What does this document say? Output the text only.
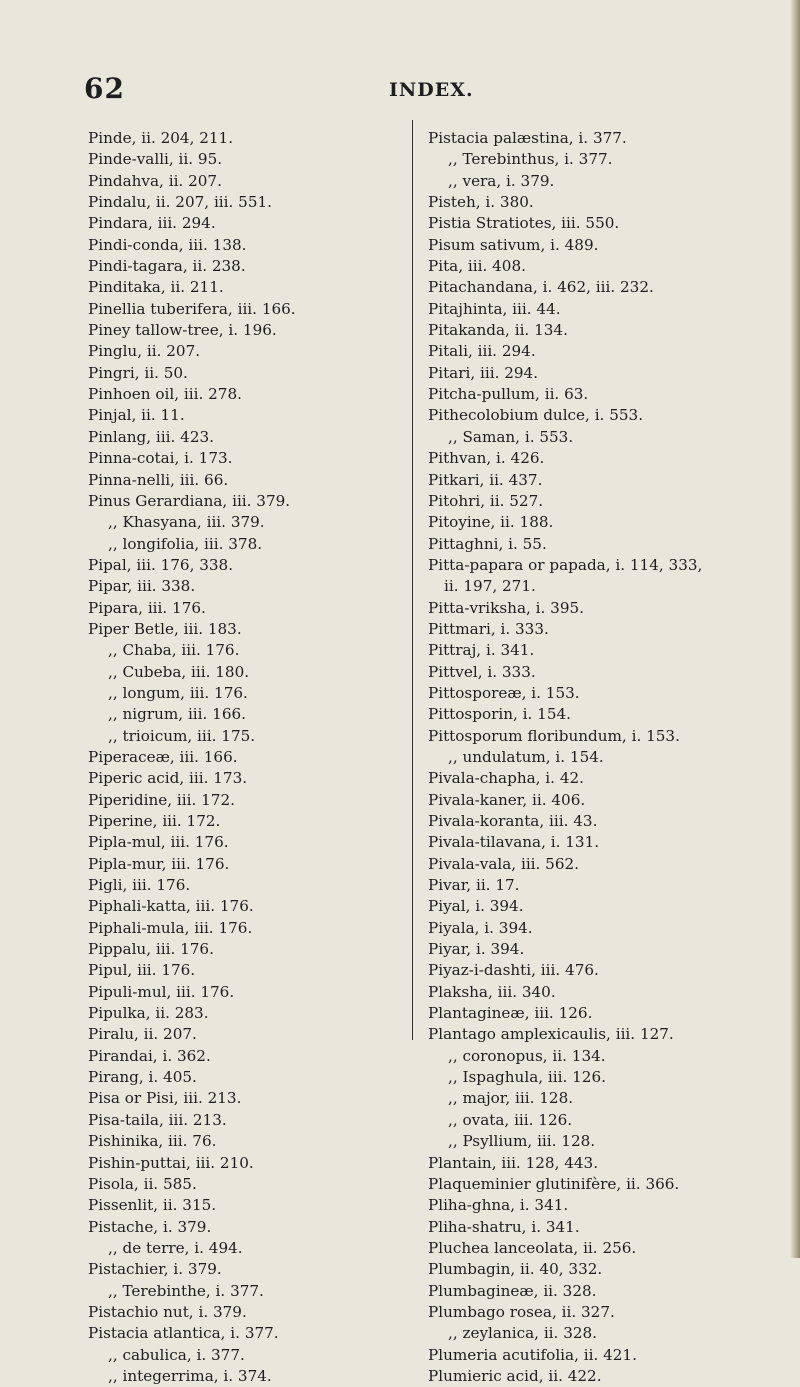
62	INDEX.
Pinde, ii. 204, 211.
Pinde-valli, ii. 95.
Pindahva, ii. 207.
Pindalu, ii. 207, iii. 551.
Pindara, iii. 294.
Pindi-conda, iii. 138.
Pindi-tagara, ii. 238.
Pinditaka, ii. 211.
Pinellia tuberifera, iii. 166.
Piney tallow-tree, i. 196.
Pinglu, ii. 207.
Pingri, ii. 50.
Pinhoen oil, iii. 278.
Pinjal, ii. 11.
Pinlang, iii. 423.
Pinna-cotai, i. 173.
Pinna-nelli, iii. 66.
Pinus Gerardiana, iii. 379.
,, Khasyana, iii. 379.
,, longifolia, iii. 378.
Pipal, iii. 176, 338.
Pipar, iii. 338.
Pipara, iii. 176.
Piper Betle, iii. 183.
,, Chaba, iii. 176.
,, Cubeba, iii. 180.
,, longum, iii. 176.
,, nigrum, iii. 166.
,, trioicum, iii. 175.
Piperaceæ, iii. 166.
Piperic acid, iii. 173.
Piperidine, iii. 172.
Piperine, iii. 172.
Pipla-mul, iii. 176.
Pipla-mur, iii. 176.
Pigli, iii. 176.
Piphali-katta, iii. 176.
Piphali-mula, iii. 176.
Pippalu, iii. 176.
Pipul, iii. 176.
Pipuli-mul, iii. 176.
Pipulka, ii. 283.
Piralu, ii. 207.
Pirandai, i. 362.
Pirang, i. 405.
Pisa or Pisi, iii. 213.
Pisa-taila, iii. 213.
Pishinika, iii. 76.
Pishin-puttai, iii. 210.
Pisola, ii. 585.
Pissenlit, ii. 315.
Pistache, i. 379.
,, de terre, i. 494.
Pistachier, i. 379.
,, Terebinthe, i. 377.
Pistachio nut, i. 379.
Pistacia atlantica, i. 377.
,, cabulica, i. 377.
,, integerrima, i. 374.
Pistacia palæstina, i. 377.
,, Terebinthus, i. 377.
,, vera, i. 379.
Pisteh, i. 380.
Pistia Stratiotes, iii. 550.
Pisum sativum, i. 489.
Pita, iii. 408.
Pitachandana, i. 462, iii. 232.
Pitajhinta, iii. 44.
Pitakanda, ii. 134.
Pitali, iii. 294.
Pitari, iii. 294.
Pitcha-pullum, ii. 63.
Pithecolobium dulce, i. 553.
,, Saman, i. 553.
Pithvan, i. 426.
Pitkari, ii. 437.
Pitohri, ii. 527.
Pitoyine, ii. 188.
Pittaghni, i. 55.
Pitta-papara or papada, i. 114, 333,
ii. 197, 271.
Pitta-vriksha, i. 395.
Pittmari, i. 333.
Pittraj, i. 341.
Pittvel, i. 333.
Pittosporeæ, i. 153.
Pittosporin, i. 154.
Pittosporum floribundum, i. 153.
,, undulatum, i. 154.
Pivala-chapha, i. 42.
Pivala-kaner, ii. 406.
Pivala-koranta, iii. 43.
Pivala-tilavana, i. 131.
Pivala-vala, iii. 562.
Pivar, ii. 17.
Piyal, i. 394.
Piyala, i. 394.
Piyar, i. 394.
Piyaz-i-dashti, iii. 476.
Plaksha, iii. 340.
Plantagineæ, iii. 126.
Plantago amplexicaulis, iii. 127.
,, coronopus, ii. 134.
,, Ispaghula, iii. 126.
,, major, iii. 128.
,, ovata, iii. 126.
,, Psyllium, iii. 128.
Plantain, iii. 128, 443.
Plaqueminier glutinifère, ii. 366.
Pliha-ghna, i. 341.
Pliha-shatru, i. 341.
Pluchea lanceolata, ii. 256.
Plumbagin, ii. 40, 332.
Plumbagineæ, ii. 328.
Plumbago rosea, ii. 327.
,, zeylanica, ii. 328.
Plumeria acutifolia, ii. 421.
Plumieric acid, ii. 422.
